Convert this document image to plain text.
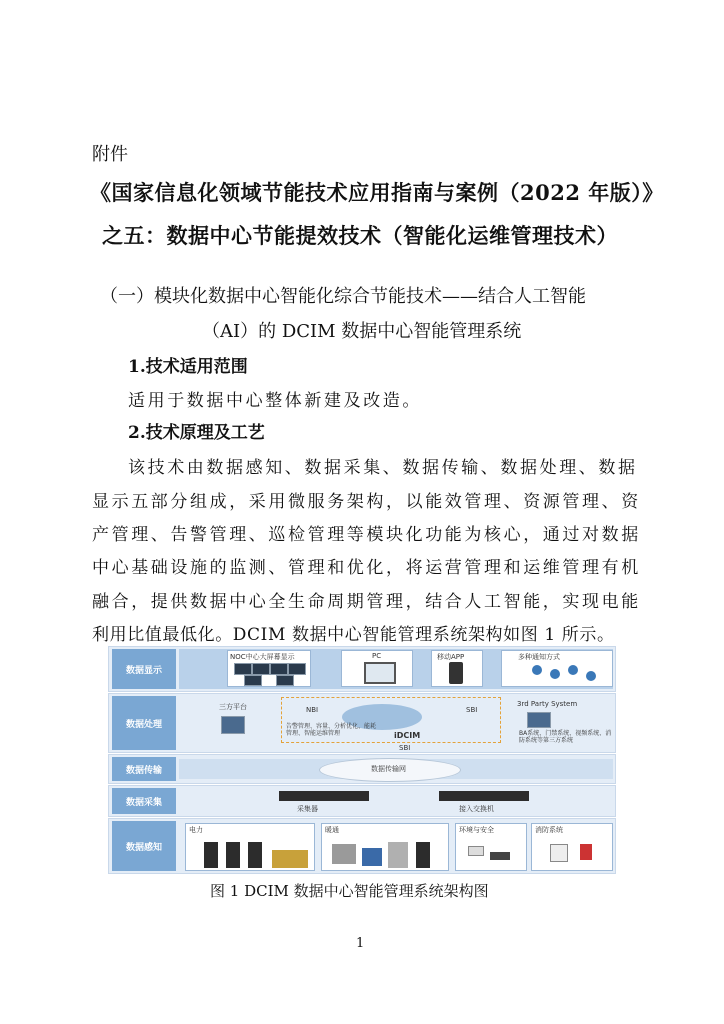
附件
《国家信息化领域节能技术应用指南与案例（2022 年版）》
之五：数据中心节能提效技术（智能化运维管理技术）
（一）模块化数据中心智能化综合节能技术——结合人工智能
（AI）的 DCIM 数据中心智能管理系统
1.技术适用范围
适用于数据中心整体新建及改造。
2.技术原理及工艺
该技术由数据感知、数据采集、数据传输、数据处理、数据
显示五部分组成，采用微服务架构，以能效管理、资源管理、资
产管理、告警管理、巡检管理等模块化功能为核心，通过对数据
中心基础设施的监测、管理和优化，将运营管理和运维管理有机
融合，提供数据中心全生命周期管理，结合人工智能，实现电能
利用比值最低化。DCIM 数据中心智能管理系统架构如图 1 所示。
数据显示
NOC中心大屏幕显示	PC	移动APP	多种通知方式
数据处理
三方平台	NBI	SBI
告警管理、容量、分析优化、能耗管理、智能运维管理	iDCIM
3rd Party System
BA系统、门禁系统、视频系统、消防系统等第三方系统
SBI
数据传输	数据传输网
数据采集
采集器	接入交换机
数据感知
电力	暖通	环境与安全	消防系统
图 1 DCIM 数据中心智能管理系统架构图
1
